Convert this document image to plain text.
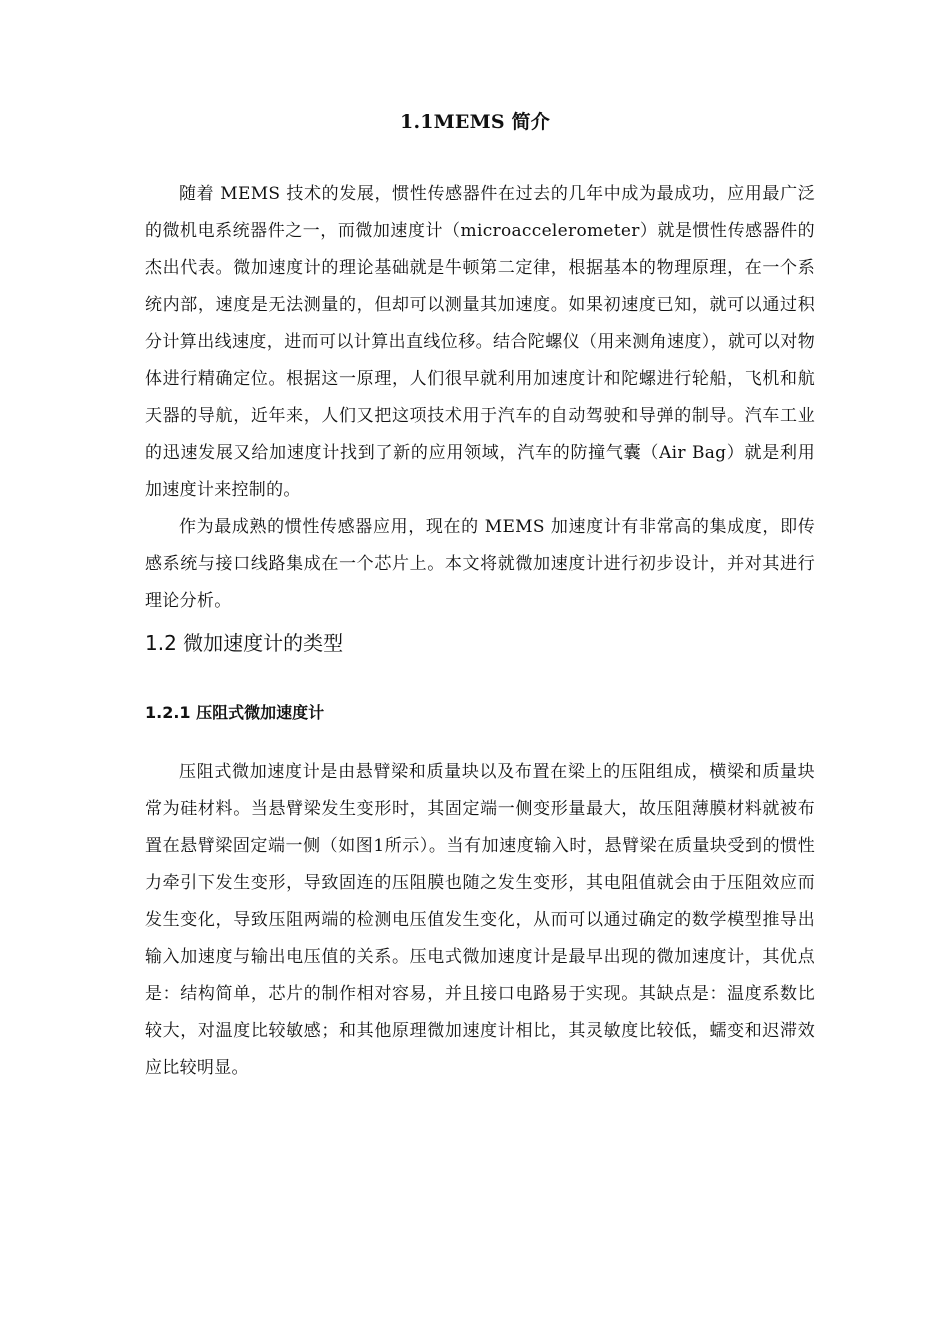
1.1MEMS 简介

随着 MEMS 技术的发展，惯性传感器件在过去的几年中成为最成功，应用最广泛的微机电系统器件之一，而微加速度计（microaccelerometer）就是惯性传感器件的杰出代表。微加速度计的理论基础就是牛顿第二定律，根据基本的物理原理，在一个系统内部，速度是无法测量的，但却可以测量其加速度。如果初速度已知，就可以通过积分计算出线速度，进而可以计算出直线位移。结合陀螺仪（用来测角速度），就可以对物体进行精确定位。根据这一原理，人们很早就利用加速度计和陀螺进行轮船，飞机和航天器的导航，近年来，人们又把这项技术用于汽车的自动驾驶和导弹的制导。汽车工业的迅速发展又给加速度计找到了新的应用领域，汽车的防撞气囊（Air Bag）就是利用加速度计来控制的。

作为最成熟的惯性传感器应用，现在的 MEMS 加速度计有非常高的集成度，即传感系统与接口线路集成在一个芯片上。本文将就微加速度计进行初步设计，并对其进行理论分析。

1.2 微加速度计的类型
1.2.1 压阻式微加速度计

压阻式微加速度计是由悬臂梁和质量块以及布置在梁上的压阻组成，横梁和质量块常为硅材料。当悬臂梁发生变形时，其固定端一侧变形量最大，故压阻薄膜材料就被布置在悬臂梁固定端一侧（如图1所示）。当有加速度输入时，悬臂梁在质量块受到的惯性力牵引下发生变形，导致固连的压阻膜也随之发生变形，其电阻值就会由于压阻效应而发生变化，导致压阻两端的检测电压值发生变化，从而可以通过确定的数学模型推导出输入加速度与输出电压值的关系。压电式微加速度计是最早出现的微加速度计，其优点是：结构简单，芯片的制作相对容易，并且接口电路易于实现。其缺点是：温度系数比较大，对温度比较敏感；和其他原理微加速度计相比，其灵敏度比较低，蠕变和迟滞效应比较明显。
